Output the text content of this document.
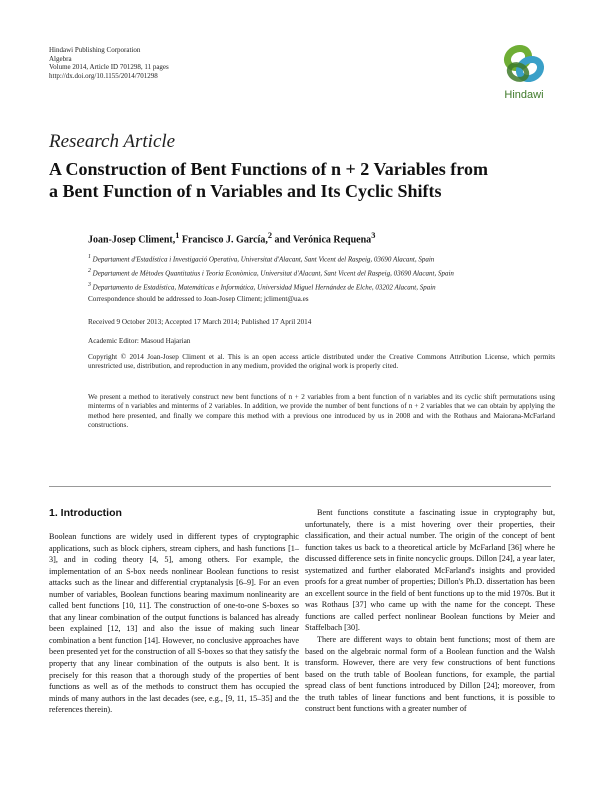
Hindawi Publishing Corporation
Algebra
Volume 2014, Article ID 701298, 11 pages
http://dx.doi.org/10.1155/2014/701298
Hindawi
Research Article
A Construction of Bent Functions of n + 2 Variables from
a Bent Function of n Variables and Its Cyclic Shifts
Joan-Josep Climent,$^1$ Francisco J. García,$^2$ and Verónica Requena$^3$
$^1$ Departament d'Estadística i Investigació Operativa, Universitat d'Alacant, Sant Vicent del Raspeig, 03690 Alacant, Spain
$^2$ Departament de Mètodes Quantitatius i Teoria Econòmica, Universitat d'Alacant, Sant Vicent del Raspeig, 03690 Alacant, Spain
$^3$ Departamento de Estadística, Matemáticas e Informática, Universidad Miguel Hernández de Elche, 03202 Alacant, Spain
Correspondence should be addressed to Joan-Josep Climent; jcliment@ua.es
Received 9 October 2013; Accepted 17 March 2014; Published 17 April 2014
Academic Editor: Masoud Hajarian
Copyright © 2014 Joan-Josep Climent et al. This is an open access article distributed under the Creative Commons Attribution License, which permits unrestricted use, distribution, and reproduction in any medium, provided the original work is properly cited.
We present a method to iteratively construct new bent functions of n + 2 variables from a bent function of n variables and its cyclic shift permutations using minterms of n variables and minterms of 2 variables. In addition, we provide the number of bent functions of n + 2 variables that we can obtain by applying the method here presented, and finally we compare this method with a previous one introduced by us in 2008 and with the Rothaus and Maiorana-McFarland constructions.
1. Introduction

Boolean functions are widely used in different types of cryptographic applications, such as block ciphers, stream ciphers, and hash functions [1–3], and in coding theory [4, 5], among others. For example, the implementation of an S-box needs nonlinear Boolean functions to resist attacks such as the linear and differential cryptanalysis [6–9]. For an even number of variables, Boolean functions bearing maximum nonlinearity are called bent functions [10, 11]. The construction of one-to-one S-boxes so that any linear combination of the output functions is balanced has already been explained [12, 13] and also the issue of making such linear combination a bent function [14]. However, no conclusive approaches have been presented yet for the construction of all S-boxes so that they satisfy the property that any linear combination of the outputs is also bent. It is precisely for this reason that a thorough study of the properties of bent functions as well as of the methods to construct them has occupied the minds of many authors in the last decades (see, e.g., [9, 11, 15–35] and the references therein).

Bent functions constitute a fascinating issue in cryptography but, unfortunately, there is a mist hovering over their properties, their classification, and their actual number. The origin of the concept of bent function takes us back to a theoretical article by McFarland [36] where he discussed difference sets in finite noncyclic groups. Dillon [24], a year later, systematized and further elaborated McFarland's insights and provided proofs for a great number of properties; Dillon's Ph.D. dissertation has been an excellent source in the field of bent functions up to the mid 1970s. But it was Rothaus [37] who came up with the name for the concept. These functions are called perfect nonlinear Boolean functions by Meier and Staffelbach [30].

There are different ways to obtain bent functions; most of them are based on the algebraic normal form of a Boolean function and the Walsh transform. However, there are very few constructions of bent functions based on the truth table of Boolean functions, for example, the partial spread class of bent functions introduced by Dillon [24]; moreover, from the truth tables of linear functions and bent functions, it is possible to construct bent functions with a greater number of
